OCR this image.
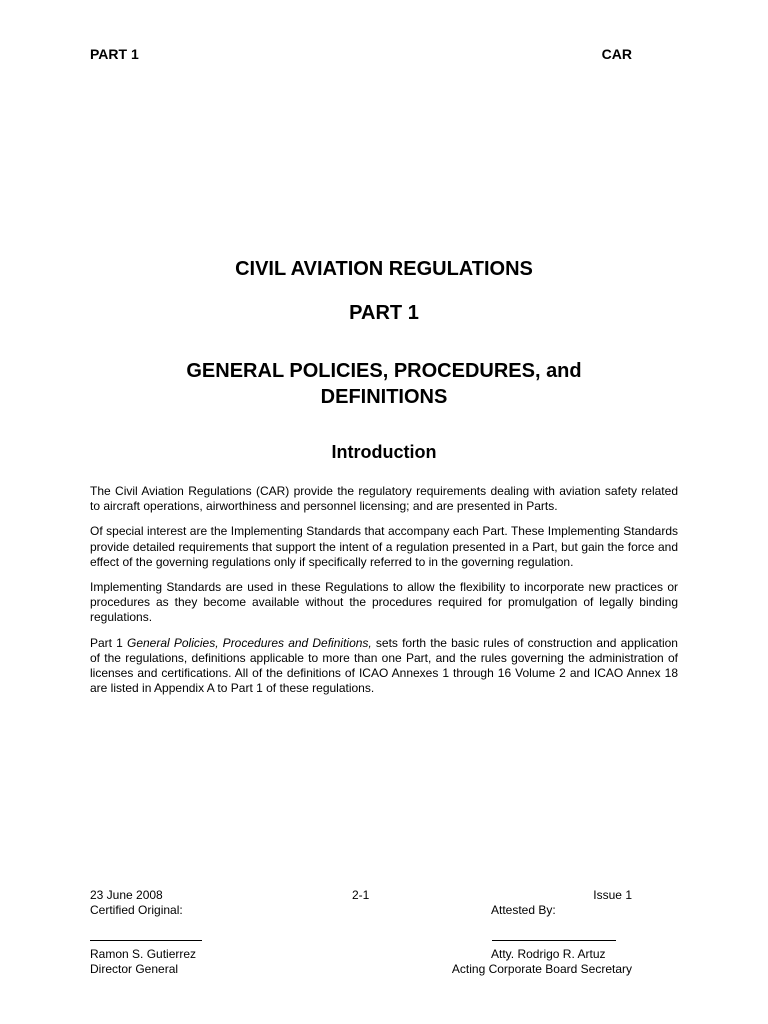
PART 1	CAR
CIVIL AVIATION REGULATIONS
PART 1
GENERAL POLICIES, PROCEDURES, and
DEFINITIONS
Introduction

The Civil Aviation Regulations (CAR) provide the regulatory requirements dealing with aviation safety related to aircraft operations, airworthiness and personnel licensing; and are presented in Parts.

Of special interest are the Implementing Standards that accompany each Part. These Implementing Standards provide detailed requirements that support the intent of a regulation presented in a Part, but gain the force and effect of the governing regulations only if specifically referred to in the governing regulation.

Implementing Standards are used in these Regulations to allow the flexibility to incorporate new practices or procedures as they become available without the procedures required for promulgation of legally binding regulations.

Part 1 General Policies, Procedures and Definitions, sets forth the basic rules of construction and application of the regulations, definitions applicable to more than one Part, and the rules governing the administration of licenses and certifications. All of the definitions of ICAO Annexes 1 through 16 Volume 2 and ICAO Annex 18 are listed in Appendix A to Part 1 of these regulations.

23 June 2008	2-1	Issue 1
Certified Original:	Attested By:
Ramon S. Gutierrez
Director General
Atty. Rodrigo R. Artuz
Acting Corporate Board Secretary
